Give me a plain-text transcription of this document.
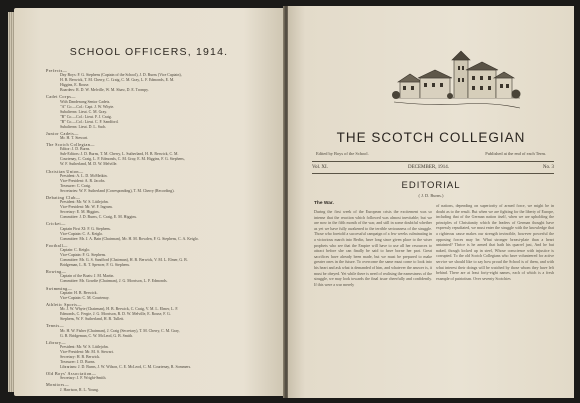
SCHOOL OFFICERS, 1914.
Prefects—
Day Boys: F. G. Stephens (Captain of the School), J. D. Burns (Vice Captain),
H. B. Berwick, T. M. Cherry, C. Craig, C. M. Gray, L. F. Edmonds, E. M.
Higgins, E. Rouse.
Boarders: R. D. W. Melville, W. M. Shaw, D. E. Trompy.
Cadet Corps—
With Dandenong Senior Cadets.
"A" Co.—Col.: Capt. J. W. Whyte.
Subalterns: Lieut. C. M. Gray.
"B" Co.—Col.: Lieut. F. J. Craig.
"B" Co.—Col.: Lieut. C. F. Sandford.
Subalterns: Lieut. D. L. Sach.
Junior Cadets—
Mr. H. T. Stewart.
The Scotch Collegian—
Editor: J. D. Burns.
Sub-Editors: J. D. Burns, T. M. Cherry, L. Sutherland, H. B. Berwick, C. M.
Courtenay, C. Craig, L. F. Edmonds, C. M. Gray, E. M. Higgins, F. G. Stephens,
W. F. Sutherland, M. D. W. Melville.
Christian Union—
President: A. L. D. McMeikin.
Vice-President: A. R. Jacobs.
Treasurer: C. Craig.
Secretaries: W. F. Sutherland (Corresponding), T. M. Cherry (Recording).
Debating Club—
President: Mr. W. S. Littlejohn.
Vice-President: Mr. W. F. Ingram.
Secretary: E. M. Higgins.
Committee: J. D. Burns, C. Craig, E. M. Higgins.
Cricket—
Captain First XI: F. G. Stephens.
Vice-Captain: C. A. Keiglo.
Committee: Mr. J. A. Bain (Chairman), Mr. H. M. Bowden, F. G. Stephens, C. A. Keiglo.
Football—
Captain: C. Keiglo.
Vice-Captain: F. G. Stephens.
Committee: Mr. G. S. Sandford (Chairman), H. B. Berwick, V. M. L. Elmer, G. B.
Bridgeman, L. R. T. Spencer, F. G. Stephens.
Rowing—
Captain of the Boats: J. M. Martin.
Committee: Mr. Gowdie (Chairman), J. G. Morrison, L. F. Edmonds.
Swimming—
Captain: H. B. Berwick.
Vice-Captain: C. M. Courtenay.
Athletic Sports—
Mr. J. W. Whyte (Chairman), H. B. Berwick, C. Craig, V. M. L. Elmer, L. F.
Edmonds, C. Fergie, J. G. Morrison, R. D. W. Melville, E. Rouse, F. G.
Stephens, W. F. Sutherland, H. B. Tullett.
Tennis—
Mr. H. W. Fisher (Chairman), J. Craig (Secretary), T. M. Cherry, C. M. Gray,
G. B. Bridgeman, C. W. McLeod, G. B. Smith.
Library—
President: Mr. W. S. Littlejohn.
Vice-President: Mr. M. S. Stewart.
Secretary: H. B. Berwick.
Treasurer: J. D. Burns.
Librarians: J. D. Burns, J. W. Wilson, C. E. McLeod, C. M. Courtenay, R. Sommers.
Old Boys' Association—
Secretary: J. F. Wright-Smith.
Monitors—
J. Harrison, R. L. Young.
THE SCOTCH COLLEGIAN
Edited by Boys of the School.	Published at the end of each Term.
Vol. XI.	DECEMBER, 1914.	No. 3
EDITORIAL
( J. D. Burns.)
The War.
During the first week of the European crisis the excitement was so intense that the reaction which followed was almost inevitable; but we are now in the fifth month of the war, and still in some doubtful whether as yet we have fully awakened to the terrible seriousness of the struggle. Those who foretold a successful campaign of a few weeks culminating in a victorious march into Berlin, have long since given place to the wiser prophets who see that the Empire will have to use all her resources to attract before she can finally be said to have borne her part. Great sacrifices have already been made, but we must be prepared to make greater ones in the future. To overcome the same must come to look into his heart and ask what is demanded of him, and whatever the answer is, it must be obeyed. Yet while there is need of realising the earnestness of the struggle, we may look towards the final issue cheerfully and confidently. If this were a war merely
of nations, depending on superiority of armed force, we might be in doubt as to the result. But when we are fighting for the liberty of Europe, including that of the German nation itself, when we are upholding the principles of Christianity which the leaders of German thought have expressly repudiated, we must enter the struggle with the knowledge that a righteous cause makes our strength invincible, however powerful the opposing forces may be. What stronger breast-plate than a heart untainted? Thrice is he armed that hath his quarrel just, And he but naked, though locked up in steel, Whose conscience with injustice is corrupted. To the old Scotch Collegians who have volunteered for active service we should like to say how proud the School is of them, and with what interest their doings will be watched by those whom they have left behind. There are at least forty-eight names, each of which is a fresh example of patriotism. Over seventy Scotchies
